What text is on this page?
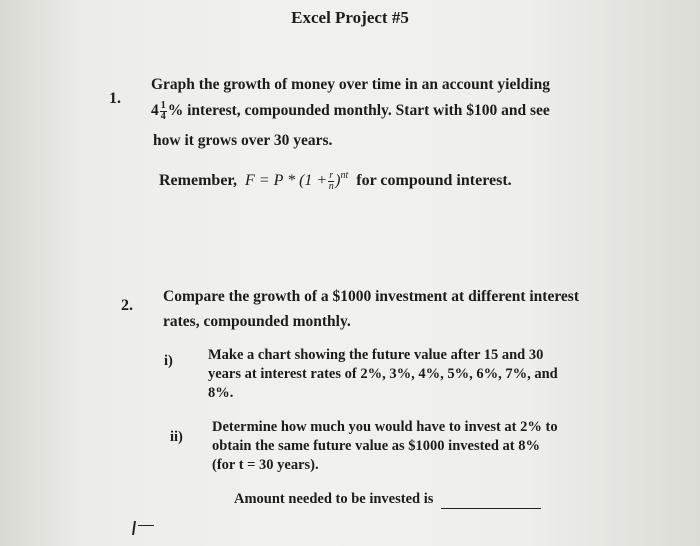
Excel Project #5
1.
Graph the growth of money over time in an account yielding
$4 \frac{1}{4}$ % interest, compounded monthly. Start with $100 and see
how it grows over 30 years.
Remember, $F = P * (1 + \frac{r}{n} )^{nt}$ for compound interest.
2.
Compare the growth of a $1000 investment at different interest
rates, compounded monthly.
i) Make a chart showing the future value after 15 and 30
years at interest rates of 2%, 3%, 4%, 5%, 6%, 7%, and
8%.
ii)
Determine how much you would have to invest at 2% to
obtain the same future value as $1000 invested at 8%
(for t = 30 years).
Amount needed to be invested is
